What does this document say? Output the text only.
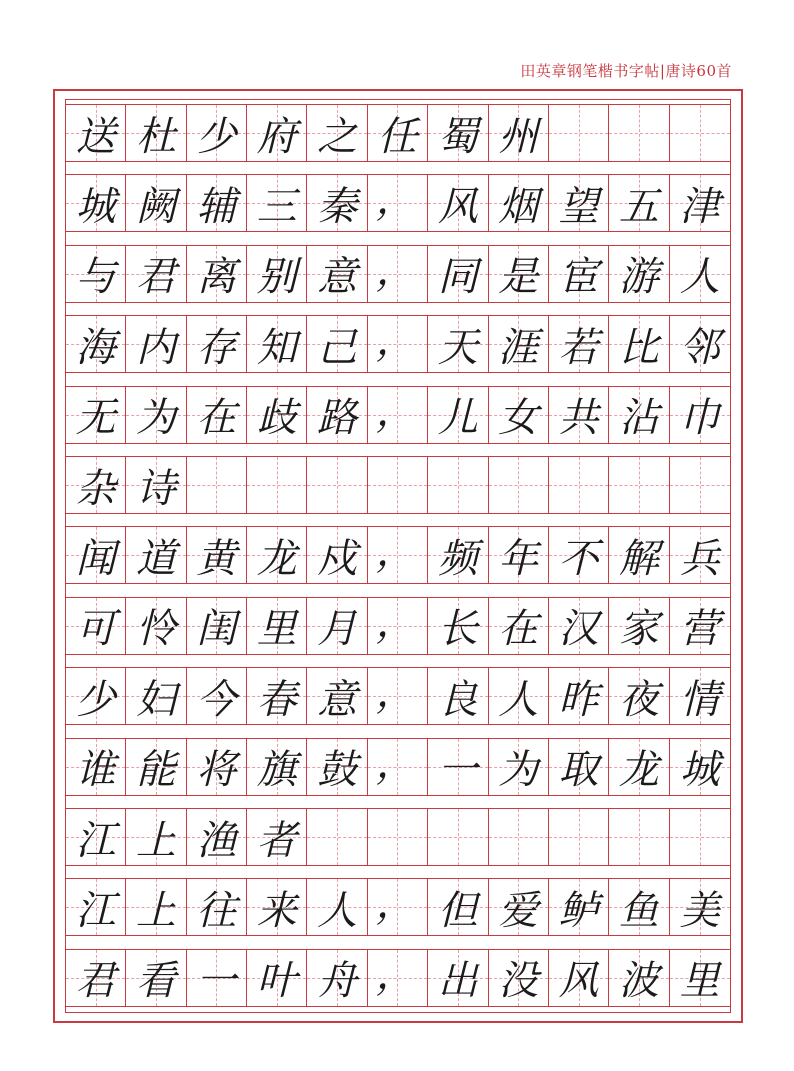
田英章钢笔楷书字帖|唐诗60首
送 杜 少 府 之 任 蜀 州
城 阙 辅 三 秦 ， 风 烟 望 五 津
与 君 离 别 意 ， 同 是 宦 游 人
海 内 存 知 己 ， 天 涯 若 比 邻
无 为 在 歧 路 ， 儿 女 共 沾 巾
杂 诗
闻 道 黄 龙 戍 ， 频 年 不 解 兵
可 怜 闺 里 月 ， 长 在 汉 家 营
少 妇 今 春 意 ， 良 人 昨 夜 情
谁 能 将 旗 鼓 ， 一 为 取 龙 城
江 上 渔 者
江 上 往 来 人 ， 但 爱 鲈 鱼 美
君 看 一 叶 舟 ， 出 没 风 波 里
